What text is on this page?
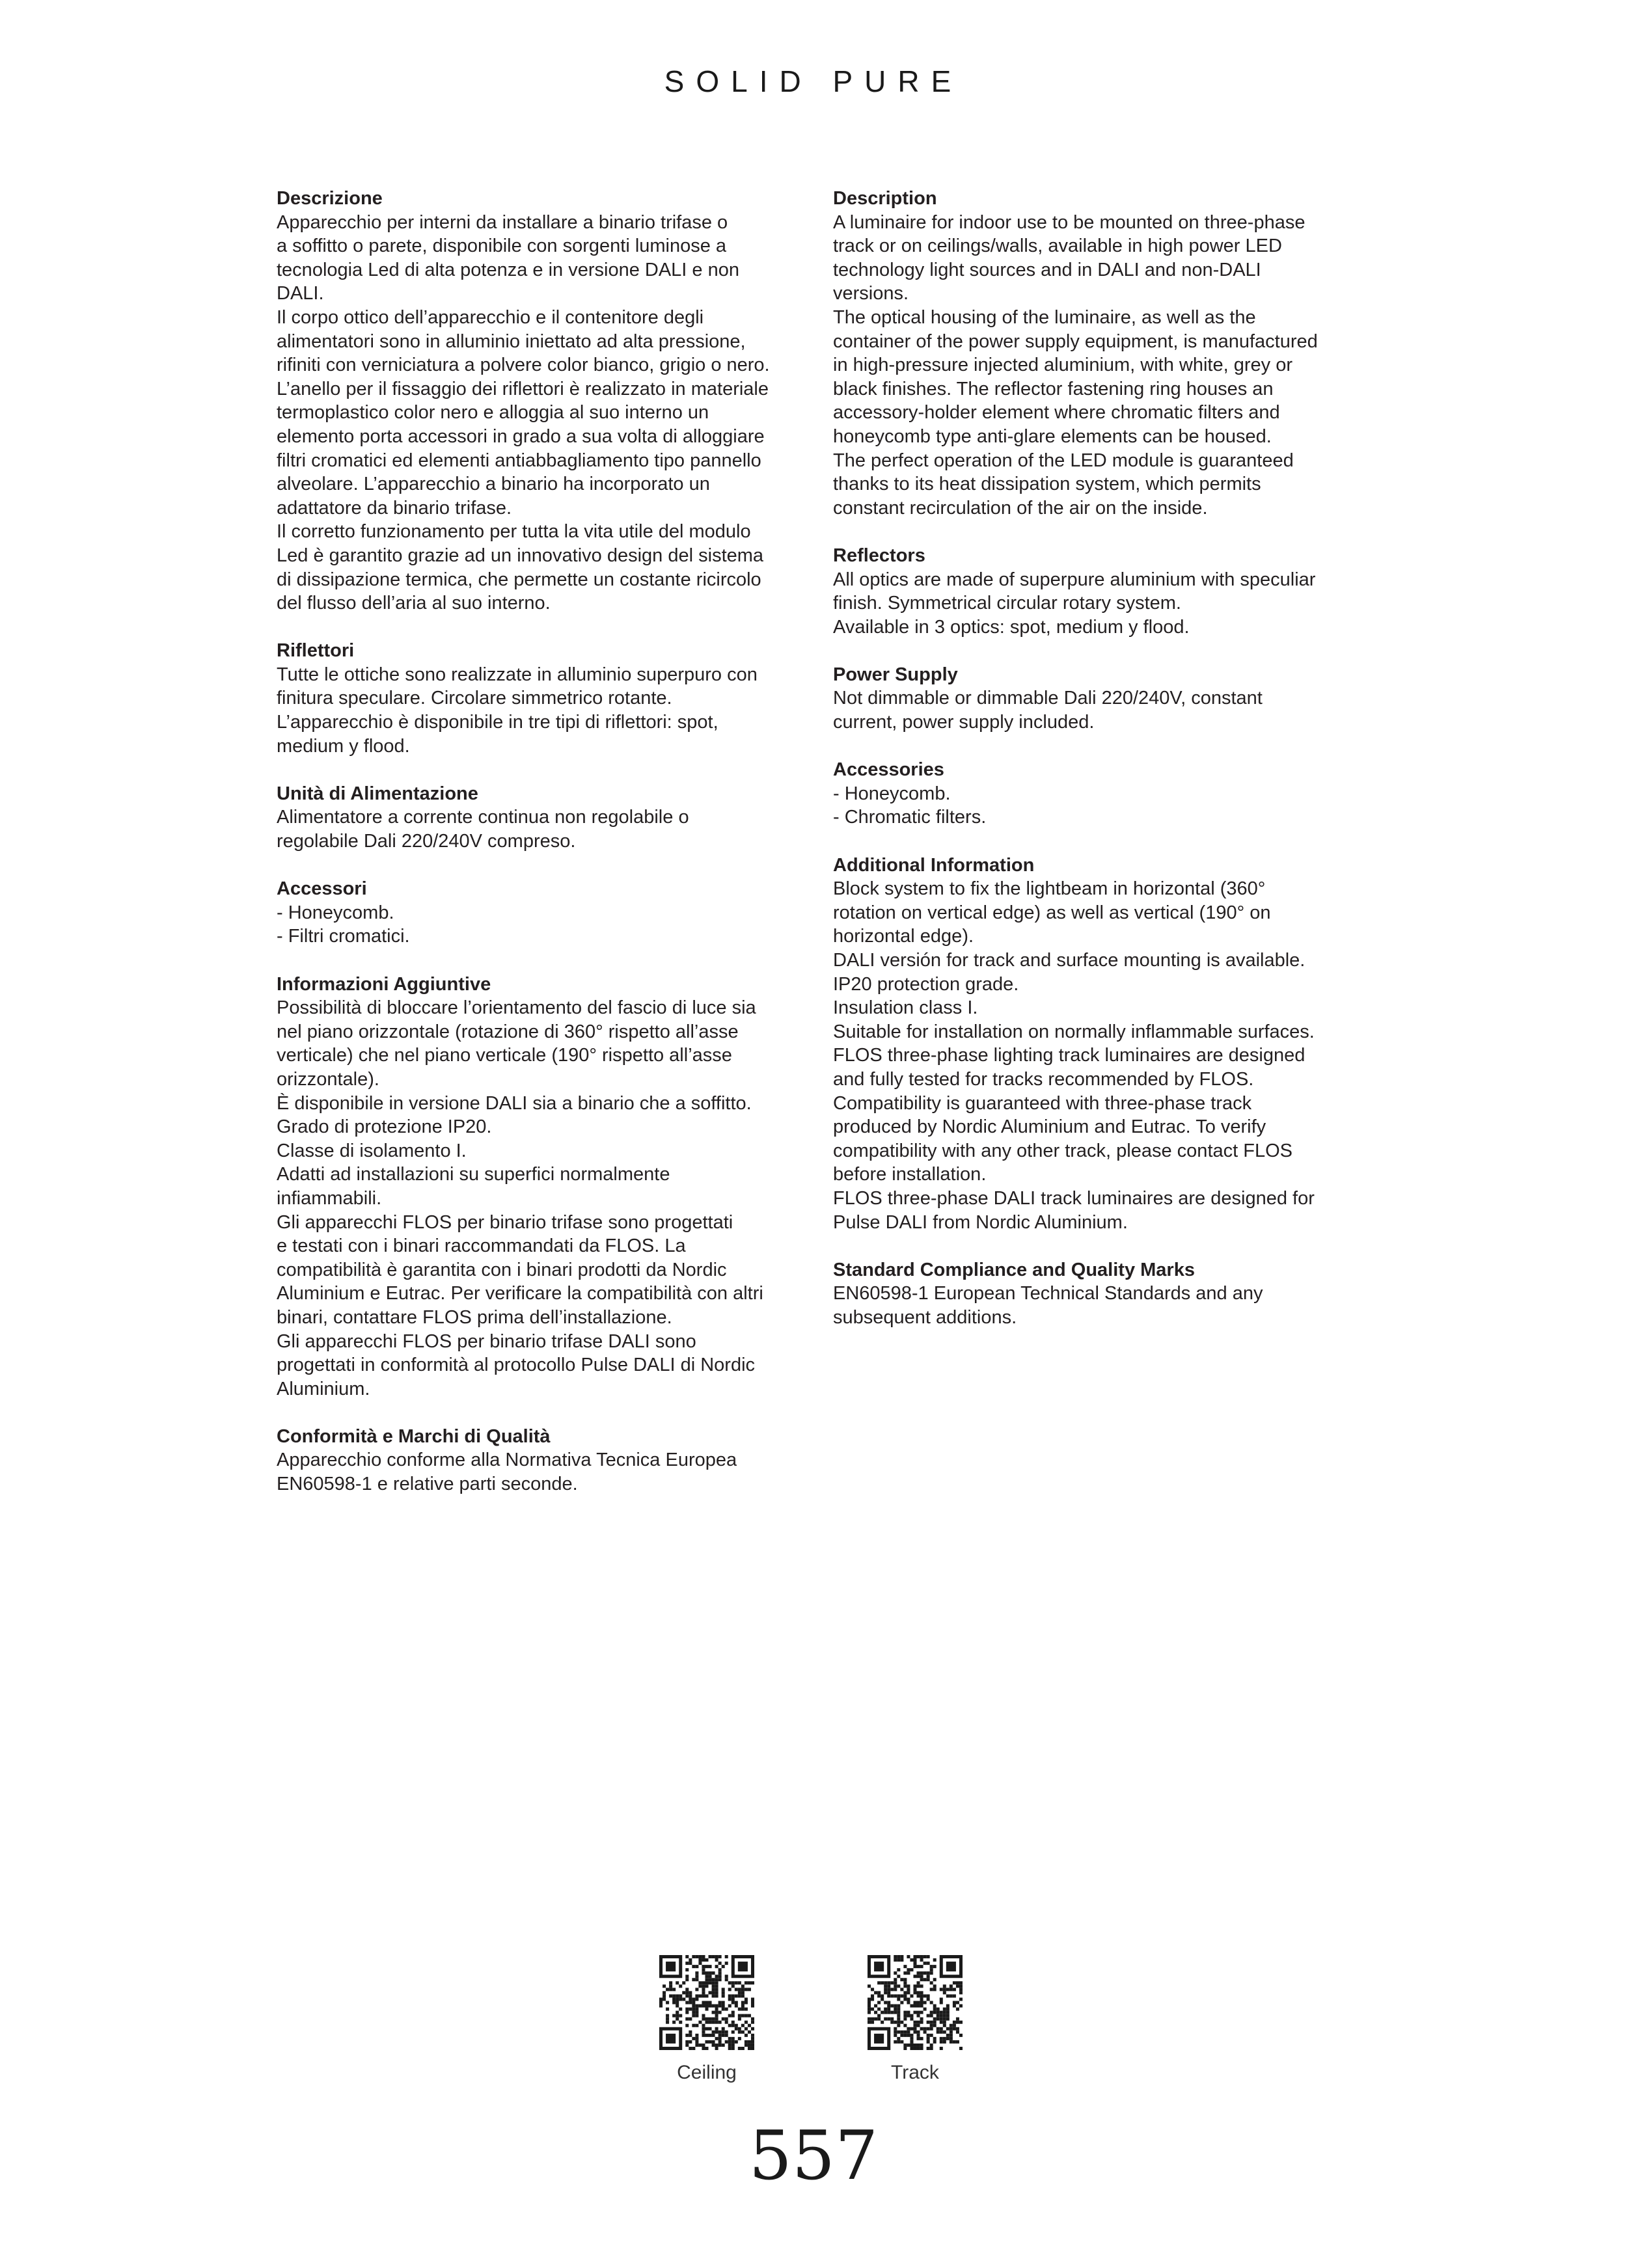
SOLID PURE
Descrizione
Apparecchio per interni da installare a binario trifase o
a soffitto o parete, disponibile con sorgenti luminose a
tecnologia Led di alta potenza e in versione DALI e non
DALI.
Il corpo ottico dell’apparecchio e il contenitore degli
alimentatori sono in alluminio iniettato ad alta pressione,
rifiniti con verniciatura a polvere color bianco, grigio o nero.
L’anello per il fissaggio dei riflettori è realizzato in materiale
termoplastico color nero e alloggia al suo interno un
elemento porta accessori in grado a sua volta di alloggiare
filtri cromatici ed elementi antiabbagliamento tipo pannello
alveolare. L’apparecchio a binario ha incorporato un
adattatore da binario trifase.
Il corretto funzionamento per tutta la vita utile del modulo
Led è garantito grazie ad un innovativo design del sistema
di dissipazione termica, che permette un costante ricircolo
del flusso dell’aria al suo interno.
Riflettori
Tutte le ottiche sono realizzate in alluminio superpuro con
finitura speculare. Circolare simmetrico rotante.
L’apparecchio è disponibile in tre tipi di riflettori: spot,
medium y flood.
Unità di Alimentazione
Alimentatore a corrente continua non regolabile o
regolabile Dali 220/240V compreso.
Accessori
- Honeycomb.
- Filtri cromatici.
Informazioni Aggiuntive
Possibilità di bloccare l’orientamento del fascio di luce sia
nel piano orizzontale (rotazione di 360° rispetto all’asse
verticale) che nel piano verticale (190° rispetto all’asse
orizzontale).
È disponibile in versione DALI sia a binario che a soffitto.
Grado di protezione IP20.
Classe di isolamento I.
Adatti ad installazioni su superfici normalmente
infiammabili.
Gli apparecchi FLOS per binario trifase sono progettati
e testati con i binari raccommandati da FLOS. La
compatibilità è garantita con i binari prodotti da Nordic
Aluminium e Eutrac. Per verificare la compatibilità con altri
binari, contattare FLOS prima dell’installazione.
Gli apparecchi FLOS per binario trifase DALI sono
progettati in conformità al protocollo Pulse DALI di Nordic
Aluminium.
Conformità e Marchi di Qualità
Apparecchio conforme alla Normativa Tecnica Europea
EN60598-1 e relative parti seconde.
Description
A luminaire for indoor use to be mounted on three-phase
track or on ceilings/walls, available in high power LED
technology light sources and in DALI and non-DALI
versions.
The optical housing of the luminaire, as well as the
container of the power supply equipment, is manufactured
in high-pressure injected aluminium, with white, grey or
black finishes. The reflector fastening ring houses an
accessory-holder element where chromatic filters and
honeycomb type anti-glare elements can be housed.
The perfect operation of the LED module is guaranteed
thanks to its heat dissipation system, which permits
constant recirculation of the air on the inside.
Reflectors
All optics are made of superpure aluminium with speculiar
finish. Symmetrical circular rotary system.
Available in 3 optics: spot, medium y flood.
Power Supply
Not dimmable or dimmable Dali 220/240V, constant
current, power supply included.
Accessories
- Honeycomb.
- Chromatic filters.
Additional Information
Block system to fix the lightbeam in horizontal (360°
rotation on vertical edge) as well as vertical (190° on
horizontal edge).
DALI versión for track and surface mounting is available.
IP20 protection grade.
Insulation class I.
Suitable for installation on normally inflammable surfaces.
FLOS three-phase lighting track luminaires are designed
and fully tested for tracks recommended by FLOS.
Compatibility is guaranteed with three-phase track
produced by Nordic Aluminium and Eutrac. To verify
compatibility with any other track, please contact FLOS
before installation.
FLOS three-phase DALI track luminaires are designed for
Pulse DALI from Nordic Aluminium.
Standard Compliance and Quality Marks
EN60598-1 European Technical Standards and any
subsequent additions.
Ceiling	Track
557
